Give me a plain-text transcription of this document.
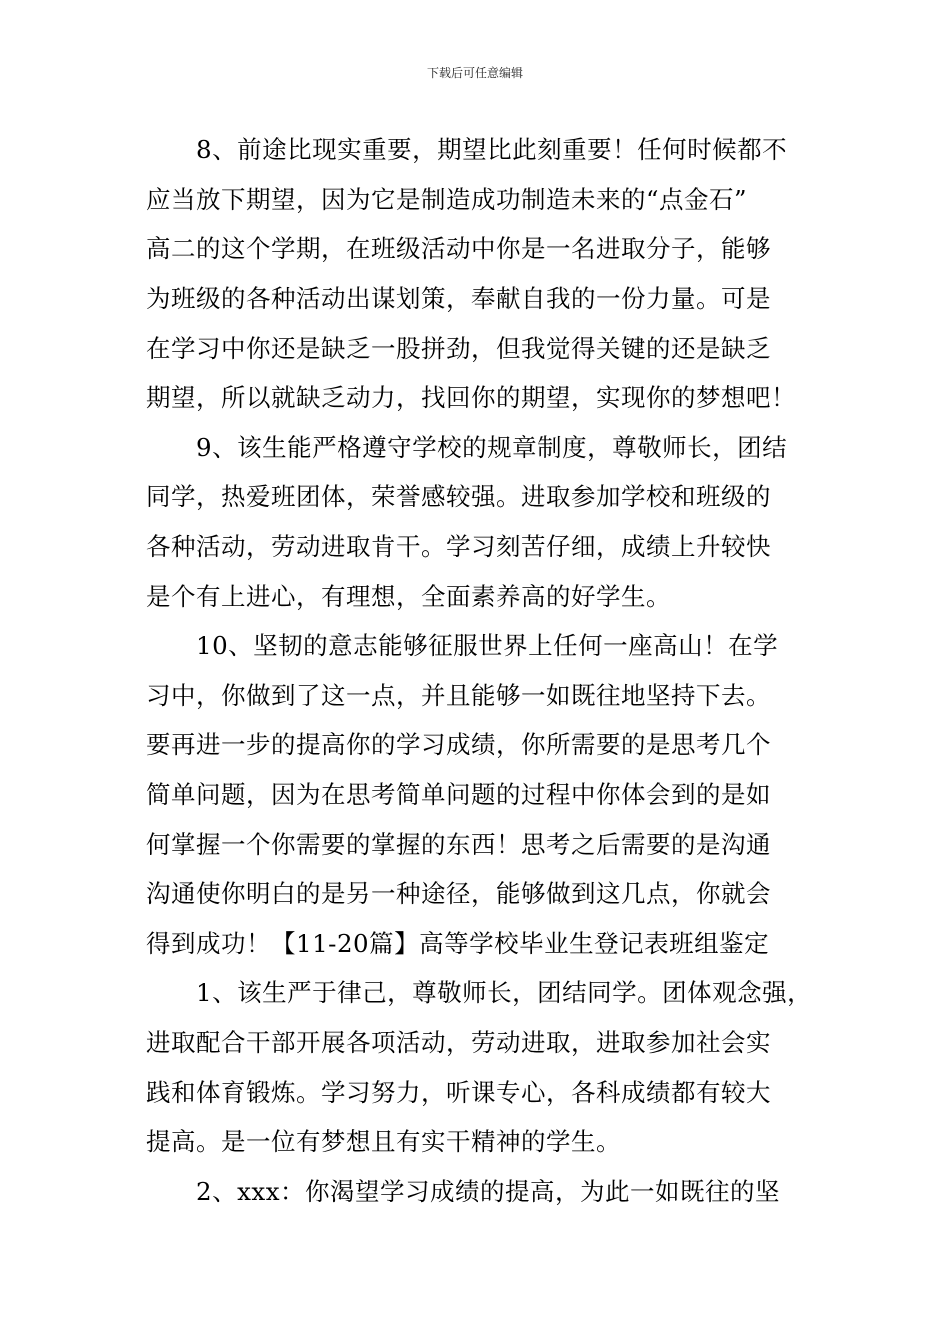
下载后可任意编辑
8、前途比现实重要，期望比此刻重要！任何时候都不
应当放下期望，因为它是制造成功制造未来的“点金石”
高二的这个学期，在班级活动中你是一名进取分子，能够
为班级的各种活动出谋划策，奉献自我的一份力量。可是
在学习中你还是缺乏一股拼劲，但我觉得关键的还是缺乏
期望，所以就缺乏动力，找回你的期望，实现你的梦想吧！
9、该生能严格遵守学校的规章制度，尊敬师长，团结
同学，热爱班团体，荣誉感较强。进取参加学校和班级的
各种活动，劳动进取肯干。学习刻苦仔细，成绩上升较快
是个有上进心，有理想，全面素养高的好学生。
10、坚韧的意志能够征服世界上任何一座高山！在学
习中，你做到了这一点，并且能够一如既往地坚持下去。
要再进一步的提高你的学习成绩，你所需要的是思考几个
简单问题，因为在思考简单问题的过程中你体会到的是如
何掌握一个你需要的掌握的东西！思考之后需要的是沟通
沟通使你明白的是另一种途径，能够做到这几点，你就会
得到成功！【11-20篇】高等学校毕业生登记表班组鉴定
1、该生严于律己，尊敬师长，团结同学。团体观念强，
进取配合干部开展各项活动，劳动进取，进取参加社会实
践和体育锻炼。学习努力，听课专心，各科成绩都有较大
提高。是一位有梦想且有实干精神的学生。
2、xxx：你渴望学习成绩的提高，为此一如既往的坚
